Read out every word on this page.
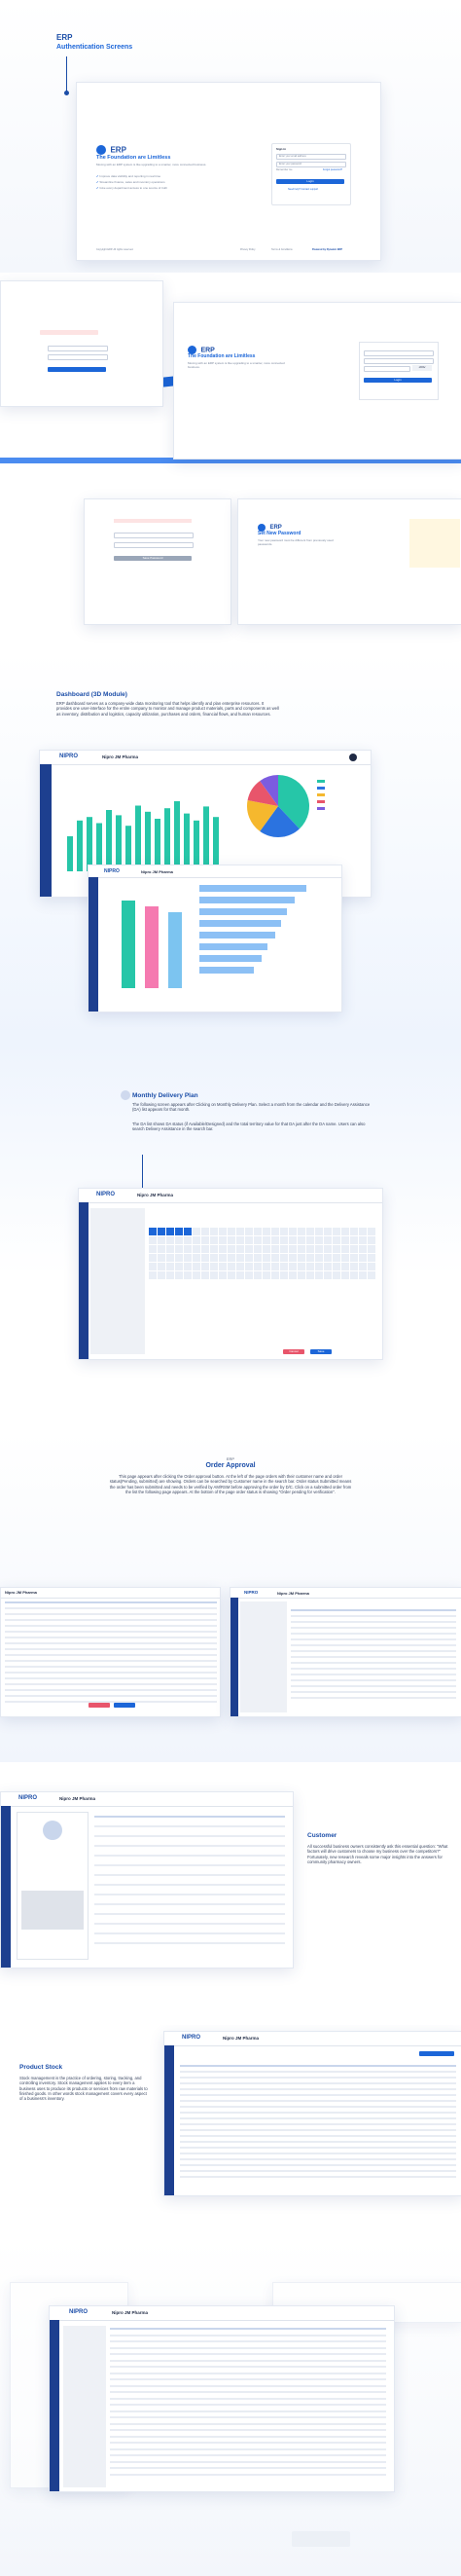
ERP
Authentication Screens
ERP
The Foundation are Limitless
Moving with an ERP system is like upgrading to a smarter, more connected business.
✔ Improve data visibility and reporting in real time
✔ Streamline finance, sales and inventory operations
✔ Give every department access to one source of truth
Sign in
Enter your email address
Enter your password
Remember me	Forgot password?
Login
Need help? Contact support
Copyright ERP. All rights reserved.	Privacy Policy	Terms & Conditions	Powered by Dynamic ERP
ERP
The Foundation are Limitless
Moving with an ERP system is like upgrading to a smarter, more connected business.	xK9v
Login
Save Password
ERP
Set New Password
Your new password must be different from previously used passwords.
Dashboard (3D Module)
ERP dashboard serves as a company-wide data monitoring tool that helps identify and plan enterprise resources. It provides one user-interface for the entire company to monitor and manage product materials, parts and components as well as inventory, distribution and logistics, capacity utilization, purchases and orders, financial flows, and human resources.
NIPRO	Nipro JM Pharma
NIPRO	Nipro JM Pharma
Monthly Delivery Plan
The following screen appears after Clicking on Monthly Delivery Plan. Select a month from the calendar and the Delivery Assistance (DA) list appears for that month.
The DA list shows DA status (if Available/Designed) and the total territory value for that DA just after the DA name. Users can also search Delivery Assistance in the search bar.
NIPRO	Nipro JM Pharma
Cancel	Save
ERP
Order Approval
This page appears after clicking the Order approval button. At the left of the page orders with their customer name and order status(Pending, submitted) are showing. Orders can be searched by Customer name in the search bar. Order status Submitted means the order has been submitted and needs to be verified by AM/RSM before approving the order by D/C. Click on a submitted order from the list the following page appears. At the bottom of the page order status is showing "Order pending for verification".
Nipro JM Pharma	NIPRO	Nipro JM Pharma
NIPRO	Nipro JM Pharma
Customer
All successful business owners consistently ask this essential question: "What factors will drive customers to choose my business over the competitors?" Fortunately, new research reveals some major insights into the answers for community pharmacy owners.
Product Stock
Stock management is the practice of ordering, storing, tracking, and controlling inventory. Stock management applies to every item a business uses to produce its products or services from raw materials to finished goods. In other words stock management covers every aspect of a business's inventory.
NIPRO	Nipro JM Pharma
NIPRO	Nipro JM Pharma
